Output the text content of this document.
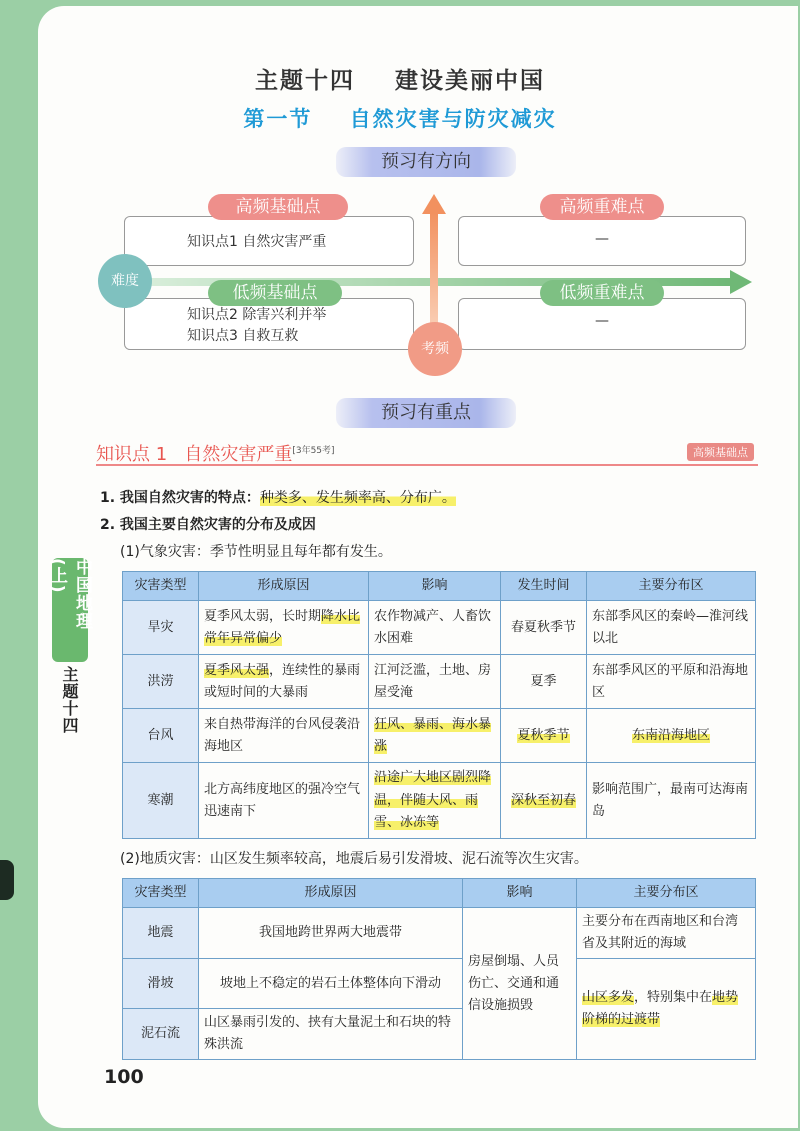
中国地理(上)
主题十四
主题十四    建设美丽中国
第一节    自然灾害与防灾减灾
预习有方向
知识点1 自然灾害严重
高频基础点
—
高频重难点
知识点2 除害兴利并举
知识点3 自救互救
低频基础点
—
低频重难点
难度
考频
预习有重点
知识点 1   自然灾害严重[3年55考]	高频基础点
1. 我国自然灾害的特点：种类多、发生频率高、分布广。
2. 我国主要自然灾害的分布及成因
(1)气象灾害：季节性明显且每年都有发生。
灾害类型	形成原因	影响	发生时间	主要分布区
旱灾	夏季风太弱，长时期降水比常年异常偏少	农作物减产、人畜饮水困难	春夏秋季节	东部季风区的秦岭—淮河线以北
洪涝	夏季风太强，连续性的暴雨或短时间的大暴雨	江河泛滥，土地、房屋受淹	夏季	东部季风区的平原和沿海地区
台风	来自热带海洋的台风侵袭沿海地区	狂风、暴雨、海水暴涨	夏秋季节	东南沿海地区
寒潮	北方高纬度地区的强冷空气迅速南下	沿途广大地区剧烈降温，伴随大风、雨雪、冰冻等	深秋至初春	影响范围广，最南可达海南岛
(2)地质灾害：山区发生频率较高，地震后易引发滑坡、泥石流等次生灾害。
灾害类型	形成原因	影响	主要分布区
地震	我国地跨世界两大地震带	房屋倒塌、人员伤亡、交通和通信设施损毁	主要分布在西南地区和台湾省及其附近的海域
滑坡	坡地上不稳定的岩石土体整体向下滑动		山区多发，特别集中在地势阶梯的过渡带
泥石流	山区暴雨引发的、挟有大量泥土和石块的特殊洪流		
100
